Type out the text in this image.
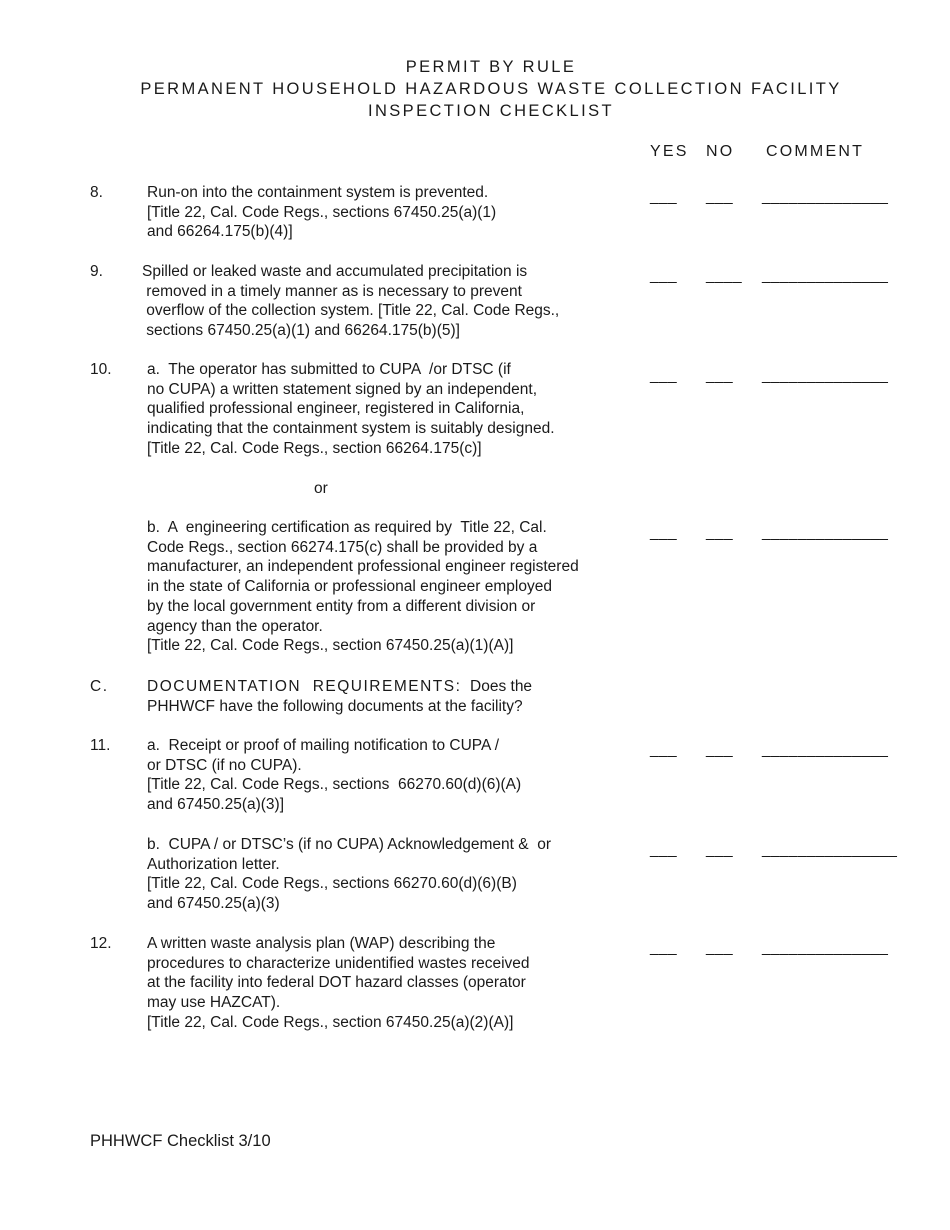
PERMIT BY RULE
PERMANENT HOUSEHOLD HAZARDOUS WASTE COLLECTION FACILITY
INSPECTION CHECKLIST
YES NO COMMENT
8.	Run-on into the containment system is prevented.
[Title 22, Cal. Code Regs., sections 67450.25(a)(1)
and 66264.175(b)(4)]
___ ___ ______________
9.	Spilled or leaked waste and accumulated precipitation is
removed in a timely manner as is necessary to prevent
overflow of the collection system. [Title 22, Cal. Code Regs.,
sections 67450.25(a)(1) and 66264.175(b)(5)]
___ ____ ______________
10. a.  The operator has submitted to CUPA  /or DTSC (if
no CUPA) a written statement signed by an independent,
qualified professional engineer, registered in California,
indicating that the containment system is suitably designed.
[Title 22, Cal. Code Regs., section 66264.175(c)]
___ ___ ______________
or
b.  A  engineering certification as required by  Title 22, Cal.
Code Regs., section 66274.175(c) shall be provided by a
manufacturer, an independent professional engineer registered
in the state of California or professional engineer employed
by the local government entity from a different division or
agency than the operator.
[Title 22, Cal. Code Regs., section 67450.25(a)(1)(A)]
___ ___ ______________
C. DOCUMENTATION  REQUIREMENTS:  Does the
PHHWCF have the following documents at the facility?
11. a.  Receipt or proof of mailing notification to CUPA /
or DTSC (if no CUPA).
[Title 22, Cal. Code Regs., sections  66270.60(d)(6)(A)
and 67450.25(a)(3)]
___ ___ ______________
b.  CUPA / or DTSC’s (if no CUPA) Acknowledgement &  or
Authorization letter.
[Title 22, Cal. Code Regs., sections 66270.60(d)(6)(B)
and 67450.25(a)(3)
___ ___ _______________
12. A written waste analysis plan (WAP) describing the
procedures to characterize unidentified wastes received
at the facility into federal DOT hazard classes (operator
may use HAZCAT).
[Title 22, Cal. Code Regs., section 67450.25(a)(2)(A)]
___ ___ ______________
PHHWCF Checklist 3/10
